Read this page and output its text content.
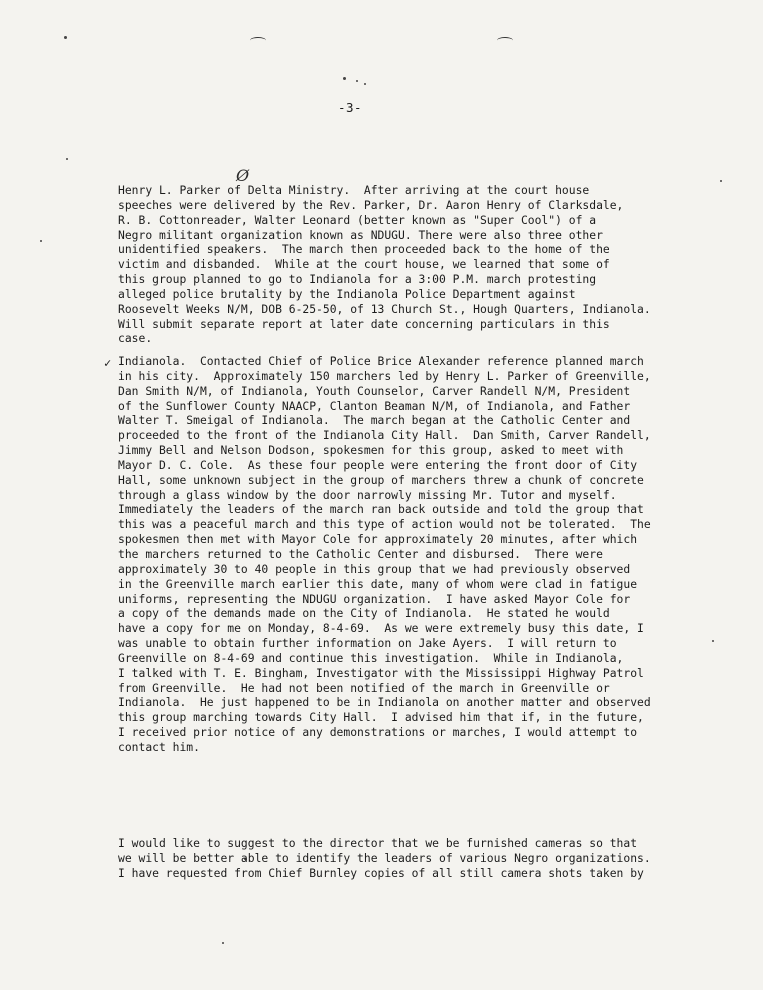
-3-
Ø
✓
Henry L. Parker of Delta Ministry.  After arriving at the court house
speeches were delivered by the Rev. Parker, Dr. Aaron Henry of Clarksdale,
R. B. Cottonreader, Walter Leonard (better known as "Super Cool") of a
Negro militant organization known as NDUGU. There were also three other
unidentified speakers.  The march then proceeded back to the home of the
victim and disbanded.  While at the court house, we learned that some of
this group planned to go to Indianola for a 3:00 P.M. march protesting
alleged police brutality by the Indianola Police Department against
Roosevelt Weeks N/M, DOB 6-25-50, of 13 Church St., Hough Quarters, Indianola.
Will submit separate report at later date concerning particulars in this
case.
Indianola.  Contacted Chief of Police Brice Alexander reference planned march
in his city.  Approximately 150 marchers led by Henry L. Parker of Greenville,
Dan Smith N/M, of Indianola, Youth Counselor, Carver Randell N/M, President
of the Sunflower County NAACP, Clanton Beaman N/M, of Indianola, and Father
Walter T. Smeigal of Indianola.  The march began at the Catholic Center and
proceeded to the front of the Indianola City Hall.  Dan Smith, Carver Randell,
Jimmy Bell and Nelson Dodson, spokesmen for this group, asked to meet with
Mayor D. C. Cole.  As these four people were entering the front door of City
Hall, some unknown subject in the group of marchers threw a chunk of concrete
through a glass window by the door narrowly missing Mr. Tutor and myself.
Immediately the leaders of the march ran back outside and told the group that
this was a peaceful march and this type of action would not be tolerated.  The
spokesmen then met with Mayor Cole for approximately 20 minutes, after which
the marchers returned to the Catholic Center and disbursed.  There were
approximately 30 to 40 people in this group that we had previously observed
in the Greenville march earlier this date, many of whom were clad in fatigue
uniforms, representing the NDUGU organization.  I have asked Mayor Cole for
a copy of the demands made on the City of Indianola.  He stated he would
have a copy for me on Monday, 8-4-69.  As we were extremely busy this date, I
was unable to obtain further information on Jake Ayers.  I will return to
Greenville on 8-4-69 and continue this investigation.  While in Indianola,
I talked with T. E. Bingham, Investigator with the Mississippi Highway Patrol
from Greenville.  He had not been notified of the march in Greenville or
Indianola.  He just happened to be in Indianola on another matter and observed
this group marching towards City Hall.  I advised him that if, in the future,
I received prior notice of any demonstrations or marches, I would attempt to
contact him.
I would like to suggest to the director that we be furnished cameras so that
we will be better able to identify the leaders of various Negro organizations.
I have requested from Chief Burnley copies of all still camera shots taken by
